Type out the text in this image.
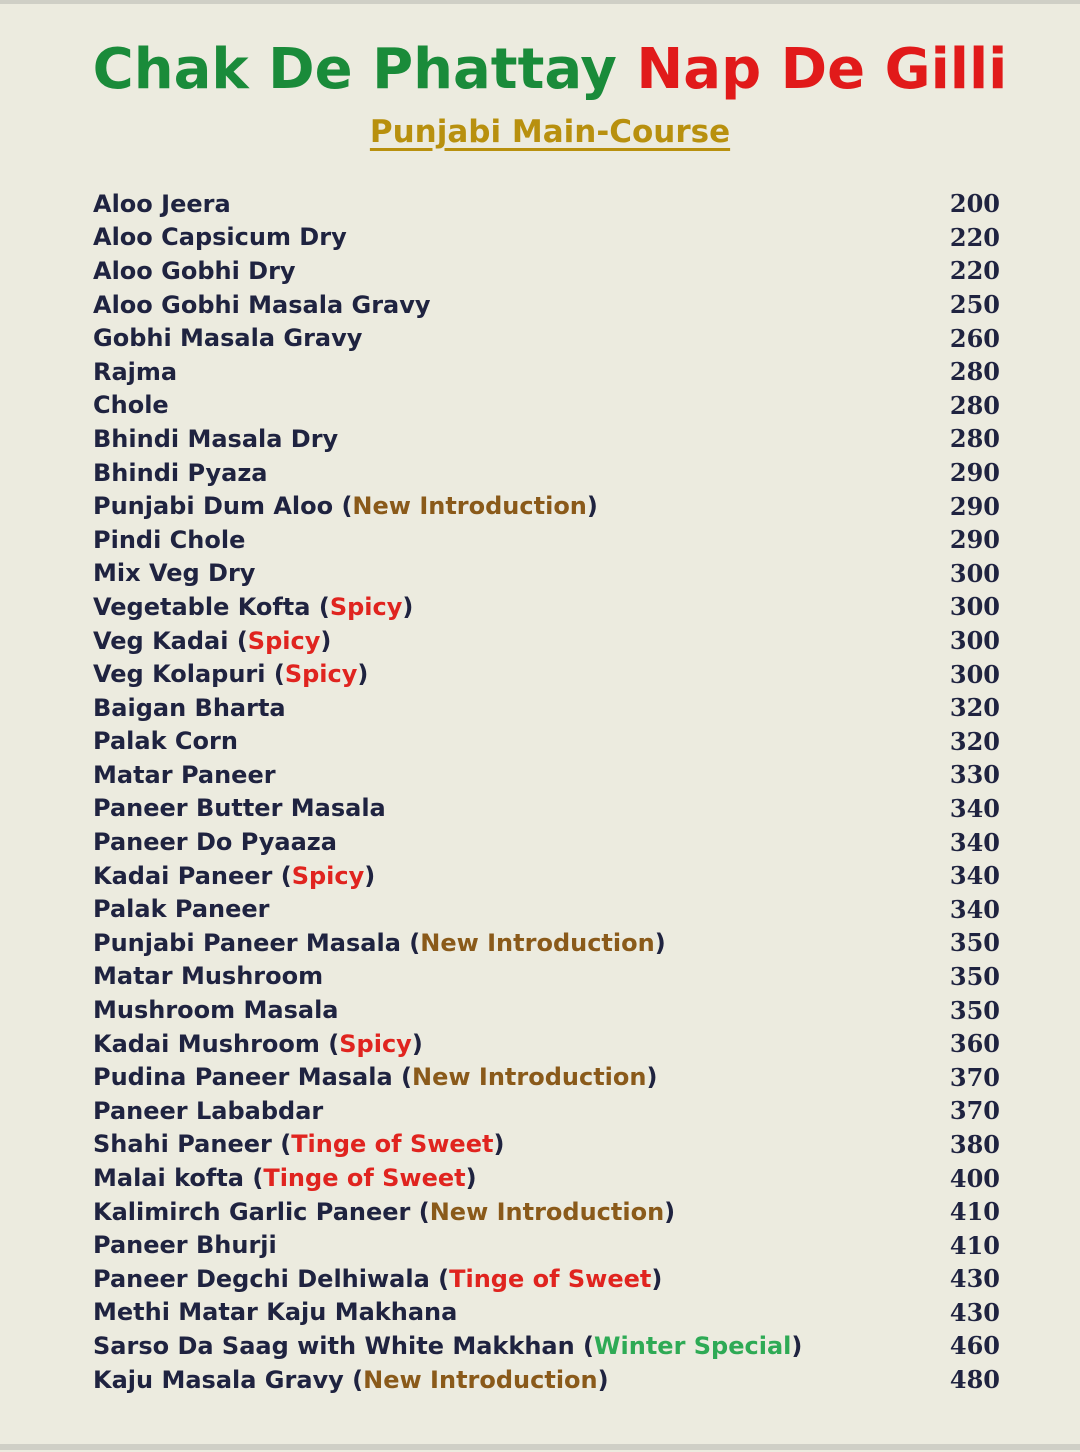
Chak De Phattay Nap De Gilli
Punjabi Main-Course
Aloo Jeera	200
Aloo Capsicum Dry	220
Aloo Gobhi Dry	220
Aloo Gobhi Masala Gravy	250
Gobhi Masala Gravy	260
Rajma	280
Chole	280
Bhindi Masala Dry	280
Bhindi Pyaza	290
Punjabi Dum Aloo (New Introduction)	290
Pindi Chole	290
Mix Veg Dry	300
Vegetable Kofta (Spicy)	300
Veg Kadai (Spicy)	300
Veg Kolapuri (Spicy)	300
Baigan Bharta	320
Palak Corn	320
Matar Paneer	330
Paneer Butter Masala	340
Paneer Do Pyaaza	340
Kadai Paneer (Spicy)	340
Palak Paneer	340
Punjabi Paneer Masala (New Introduction)	350
Matar Mushroom	350
Mushroom Masala	350
Kadai Mushroom (Spicy)	360
Pudina Paneer Masala (New Introduction)	370
Paneer Lababdar	370
Shahi Paneer (Tinge of Sweet)	380
Malai kofta (Tinge of Sweet)	400
Kalimirch Garlic Paneer (New Introduction)	410
Paneer Bhurji	410
Paneer Degchi Delhiwala (Tinge of Sweet)	430
Methi Matar Kaju Makhana	430
Sarso Da Saag with White Makkhan (Winter Special)	460
Kaju Masala Gravy (New Introduction)	480
